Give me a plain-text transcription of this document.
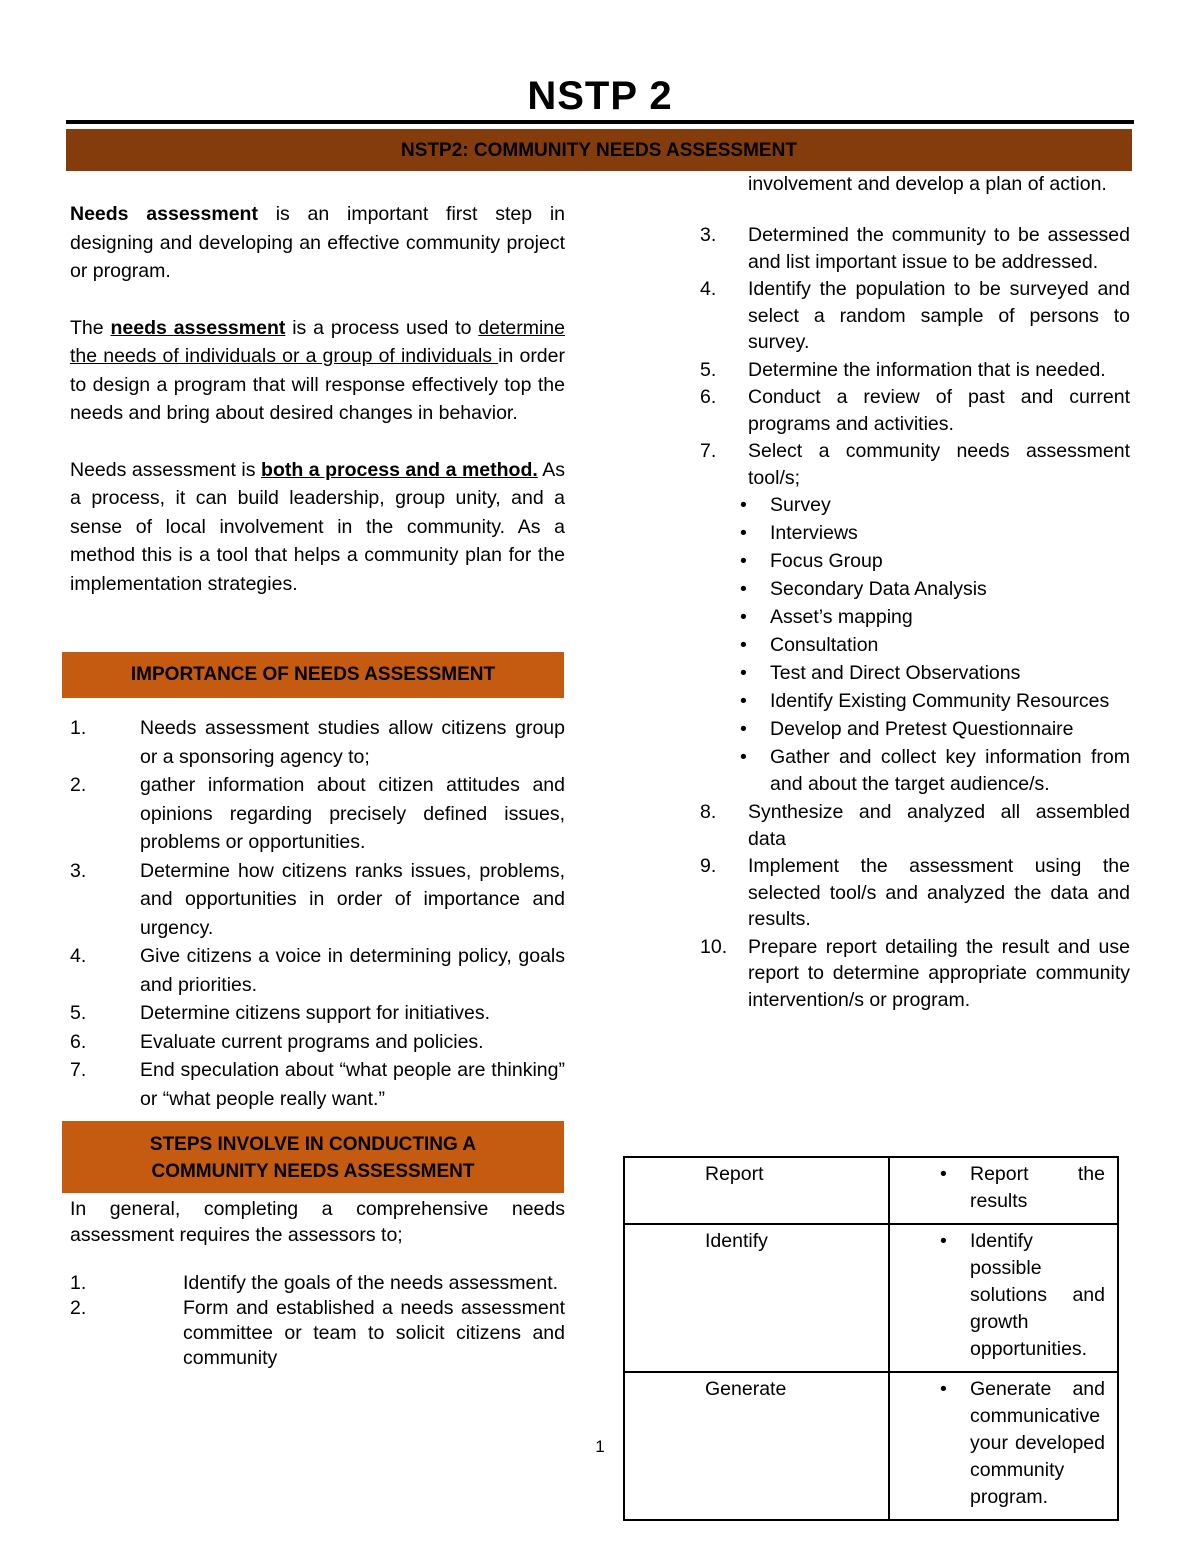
NSTP 2
NSTP2: COMMUNITY NEEDS ASSESSMENT

Needs assessment is an important first step in designing and developing an effective community project or program.

The needs assessment is a process used to determine the needs of individuals or a group of individuals in order to design a program that will response effectively top the needs and bring about desired changes in behavior.

Needs assessment is both a process and a method. As a process, it can build leadership, group unity, and a sense of local involvement in the community. As a method this is a tool that helps a community plan for the implementation strategies.

IMPORTANCE OF NEEDS ASSESSMENT
1.	Needs assessment studies allow citizens group or a sponsoring agency to;
2.	gather information about citizen attitudes and opinions regarding precisely defined issues, problems or opportunities.
3.	Determine how citizens ranks issues, problems, and opportunities in order of importance and urgency.
4.	Give citizens a voice in determining policy, goals and priorities.
5.	Determine citizens support for initiatives.
6.	Evaluate current programs and policies.
7.	End speculation about “what people are thinking” or “what people really want.”
STEPS INVOLVE IN CONDUCTING A
COMMUNITY NEEDS ASSESSMENT

In general, completing a comprehensive needs assessment requires the assessors to;

1.	Identify the goals of the needs assessment.
2.	Form and established a needs assessment committee or team to solicit citizens and community
involvement and develop a plan of action.
3. Determined the community to be assessed and list important issue to be addressed.
4. Identify the population to be surveyed and select a random sample of persons to survey.
5. Determine the information that is needed.
6. Conduct a review of past and current programs and activities.
7. Select a community needs assessment tool/s;
• Survey
• Interviews
• Focus Group
• Secondary Data Analysis
• Asset’s mapping
• Consultation
• Test and Direct Observations
• Identify Existing Community Resources
• Develop and Pretest Questionnaire
• Gather and collect key information from and about the target audience/s.
8. Synthesize and analyzed all assembled data
9. Implement the assessment using the selected tool/s and analyzed the data and results.
10. Prepare report detailing the result and use report to determine appropriate community intervention/s or program.
Report	• Report the results
Identify	• Identify possible solutions and growth opportunities.
Generate	• Generate and communicative your developed community program.
1
